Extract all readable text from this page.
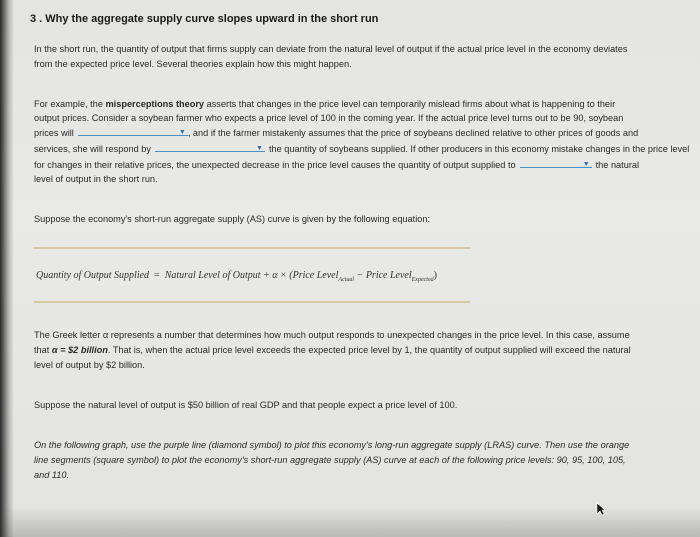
3 . Why the aggregate supply curve slopes upward in the short run
In the short run, the quantity of output that firms supply can deviate from the natural level of output if the actual price level in the economy deviates
from the expected price level. Several theories explain how this might happen.
For example, the misperceptions theory asserts that changes in the price level can temporarily mislead firms about what is happening to their
output prices. Consider a soybean farmer who expects a price level of 100 in the coming year. If the actual price level turns out to be 90, soybean
prices will	▼ , and if the farmer mistakenly assumes that the price of soybeans declined relative to other prices of goods and
services, she will respond by	▼ the quantity of soybeans supplied. If other producers in this economy mistake changes in the price level
for changes in their relative prices, the unexpected decrease in the price level causes the quantity of output supplied to	▼ the natural
level of output in the short run.
Suppose the economy's short-run aggregate supply (AS) curve is given by the following equation:
Quantity of Output Supplied = Natural Level of Output + α × (Price Level$_{Actual}$ − Price Level$_{Expected}$)
The Greek letter α represents a number that determines how much output responds to unexpected changes in the price level. In this case, assume
that α = $2 billion. That is, when the actual price level exceeds the expected price level by 1, the quantity of output supplied will exceed the natural
level of output by $2 billion.
Suppose the natural level of output is $50 billion of real GDP and that people expect a price level of 100.
On the following graph, use the purple line (diamond symbol) to plot this economy's long-run aggregate supply (LRAS) curve. Then use the orange
line segments (square symbol) to plot the economy's short-run aggregate supply (AS) curve at each of the following price levels: 90, 95, 100, 105,
and 110.
